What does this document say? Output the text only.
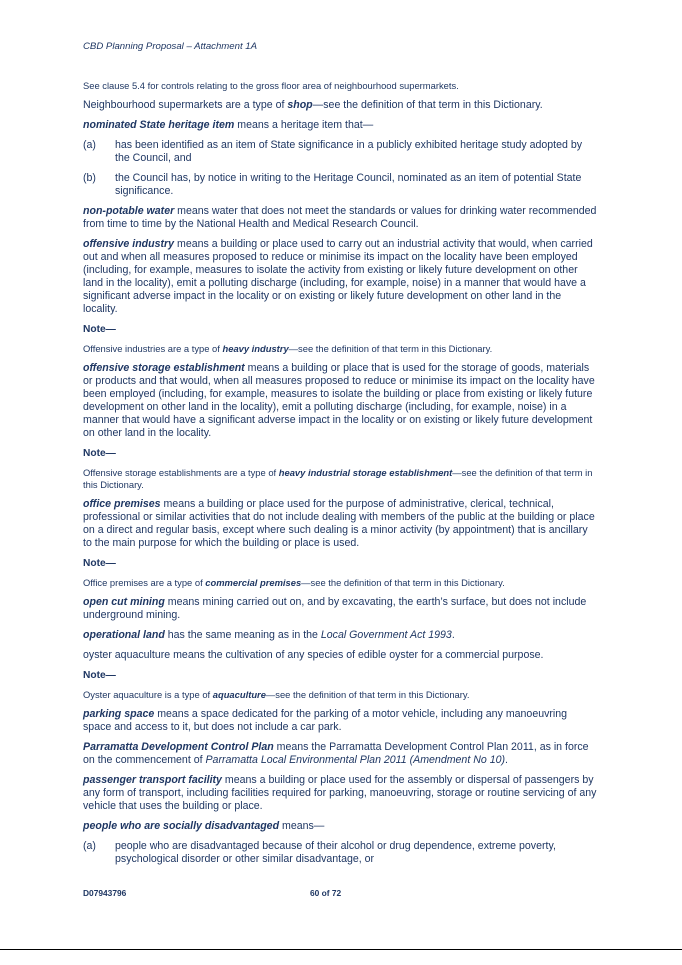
CBD Planning Proposal – Attachment 1A

See clause 5.4 for controls relating to the gross floor area of neighbourhood supermarkets.

Neighbourhood supermarkets are a type of shop—see the definition of that term in this Dictionary.

nominated State heritage item means a heritage item that—

(a)	has been identified as an item of State significance in a publicly exhibited heritage study adopted by the Council, and
(b)	the Council has, by notice in writing to the Heritage Council, nominated as an item of potential State significance.

non-potable water means water that does not meet the standards or values for drinking water recommended from time to time by the National Health and Medical Research Council.

offensive industry means a building or place used to carry out an industrial activity that would, when carried out and when all measures proposed to reduce or minimise its impact on the locality have been employed (including, for example, measures to isolate the activity from existing or likely future development on other land in the locality), emit a polluting discharge (including, for example, noise) in a manner that would have a significant adverse impact in the locality or on existing or likely future development on other land in the locality.

Note—

Offensive industries are a type of heavy industry—see the definition of that term in this Dictionary.

offensive storage establishment means a building or place that is used for the storage of goods, materials or products and that would, when all measures proposed to reduce or minimise its impact on the locality have been employed (including, for example, measures to isolate the building or place from existing or likely future development on other land in the locality), emit a polluting discharge (including, for example, noise) in a manner that would have a significant adverse impact in the locality or on existing or likely future development on other land in the locality.

Note—

Offensive storage establishments are a type of heavy industrial storage establishment—see the definition of that term in this Dictionary.

office premises means a building or place used for the purpose of administrative, clerical, technical, professional or similar activities that do not include dealing with members of the public at the building or place on a direct and regular basis, except where such dealing is a minor activity (by appointment) that is ancillary to the main purpose for which the building or place is used.

Note—

Office premises are a type of commercial premises—see the definition of that term in this Dictionary.

open cut mining means mining carried out on, and by excavating, the earth’s surface, but does not include underground mining.

operational land has the same meaning as in the Local Government Act 1993.

oyster aquaculture means the cultivation of any species of edible oyster for a commercial purpose.

Note—

Oyster aquaculture is a type of aquaculture—see the definition of that term in this Dictionary.

parking space means a space dedicated for the parking of a motor vehicle, including any manoeuvring space and access to it, but does not include a car park.

Parramatta Development Control Plan means the Parramatta Development Control Plan 2011, as in force on the commencement of Parramatta Local Environmental Plan 2011 (Amendment No 10).

passenger transport facility means a building or place used for the assembly or dispersal of passengers by any form of transport, including facilities required for parking, manoeuvring, storage or routine servicing of any vehicle that uses the building or place.

people who are socially disadvantaged means—

(a)	people who are disadvantaged because of their alcohol or drug dependence, extreme poverty, psychological disorder or other similar disadvantage, or
D07943796	60 of 72
